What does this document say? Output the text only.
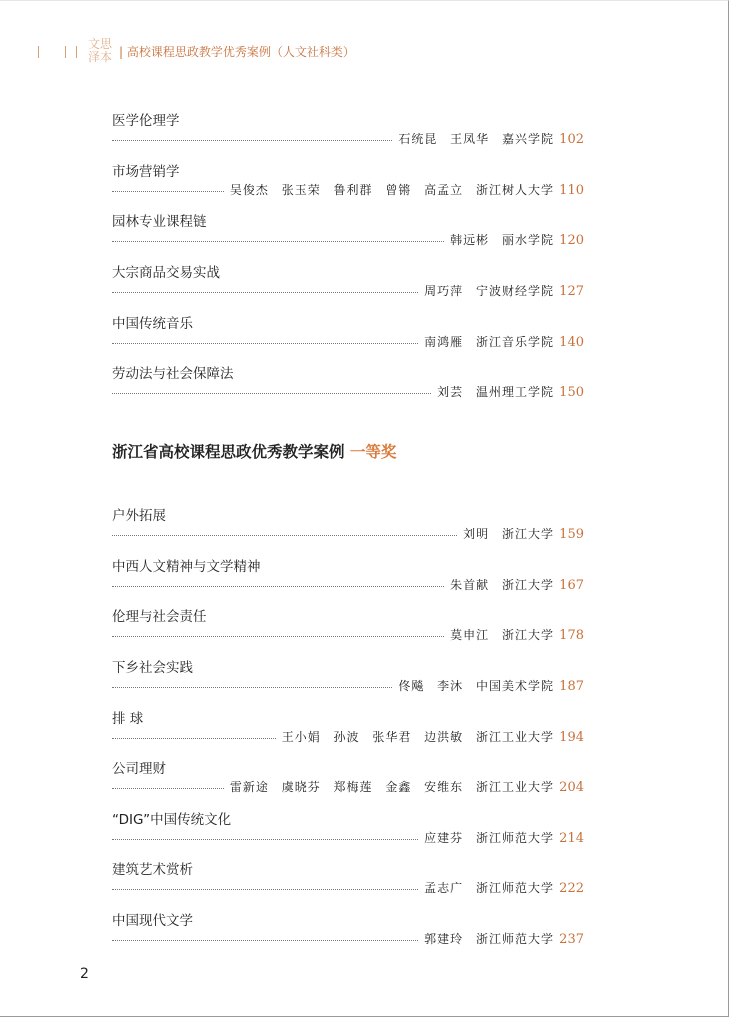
文思
泽本 | 高校课程思政教学优秀案例（人文社科类）
医学伦理学
石统昆 王凤华 嘉兴学院 102
市场营销学
吴俊杰 张玉荣 鲁利群 曾锵 高孟立 浙江树人大学 110
园林专业课程链
韩远彬 丽水学院 120
大宗商品交易实战
周巧萍 宁波财经学院 127
中国传统音乐
南鸿雁 浙江音乐学院 140
劳动法与社会保障法
刘芸 温州理工学院 150
浙江省高校课程思政优秀教学案例 一等奖
户外拓展
刘明 浙江大学 159
中西人文精神与文学精神
朱首献 浙江大学 167
伦理与社会责任
莫申江 浙江大学 178
下乡社会实践
佟飚 李沐 中国美术学院 187
排 球
王小娟 孙波 张华君 边洪敏 浙江工业大学 194
公司理财
雷新途 虞晓芬 郑梅莲 金鑫 安维东 浙江工业大学 204
“DIG”中国传统文化
应建芬 浙江师范大学 214
建筑艺术赏析
孟志广 浙江师范大学 222
中国现代文学
郭建玲 浙江师范大学 237
2
